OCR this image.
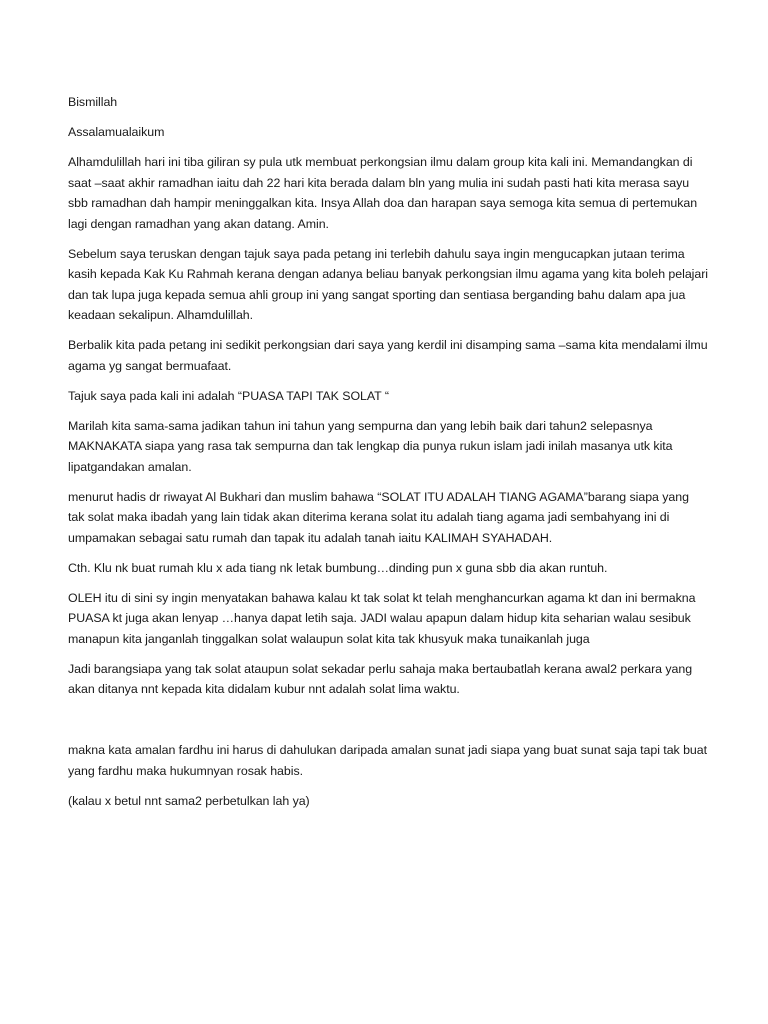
Bismillah

Assalamualaikum

Alhamdulillah hari ini tiba giliran sy pula utk membuat perkongsian ilmu dalam group kita kali ini. Memandangkan di saat –saat akhir ramadhan iaitu dah 22 hari kita berada dalam bln yang mulia ini sudah pasti hati kita merasa sayu sbb ramadhan dah hampir meninggalkan kita. Insya Allah doa dan harapan saya semoga kita semua di pertemukan lagi dengan ramadhan yang akan datang. Amin.

Sebelum saya teruskan dengan tajuk saya pada petang ini terlebih dahulu saya ingin mengucapkan jutaan terima kasih kepada Kak Ku Rahmah kerana dengan adanya beliau banyak perkongsian ilmu agama yang kita boleh pelajari dan tak lupa juga kepada semua ahli group ini yang sangat sporting dan sentiasa berganding bahu dalam apa jua keadaan sekalipun. Alhamdulillah.

Berbalik kita pada petang ini sedikit perkongsian dari saya yang kerdil ini disamping sama –sama kita mendalami ilmu agama yg sangat bermuafaat.

Tajuk saya pada kali ini adalah “PUASA TAPI TAK SOLAT “

Marilah kita sama-sama jadikan tahun ini tahun yang sempurna dan yang lebih baik dari tahun2 selepasnya MAKNAKATA siapa yang rasa tak sempurna dan tak lengkap dia punya rukun islam jadi inilah masanya utk kita lipatgandakan amalan.

menurut hadis dr riwayat Al Bukhari dan muslim bahawa “SOLAT ITU ADALAH TIANG AGAMA”barang siapa yang tak solat maka ibadah yang lain tidak akan diterima kerana solat itu adalah tiang agama jadi sembahyang ini di umpamakan sebagai satu rumah dan tapak itu adalah tanah iaitu KALIMAH SYAHADAH.

Cth. Klu nk buat rumah klu x ada tiang nk letak bumbung…dinding pun x guna sbb dia akan runtuh.

OLEH itu di sini sy ingin menyatakan bahawa kalau kt tak solat kt telah menghancurkan agama kt dan ini bermakna PUASA kt juga akan lenyap …hanya dapat letih saja. JADI walau apapun dalam hidup kita seharian walau sesibuk manapun kita janganlah tinggalkan solat walaupun solat kita tak khusyuk maka tunaikanlah juga

Jadi barangsiapa yang tak solat ataupun solat sekadar perlu sahaja maka bertaubatlah kerana awal2 perkara yang akan ditanya nnt kepada kita didalam kubur nnt adalah solat lima waktu.

makna kata amalan fardhu ini harus di dahulukan daripada amalan sunat jadi siapa yang buat sunat saja tapi tak buat yang fardhu maka hukumnyan rosak habis.

(kalau x betul nnt sama2 perbetulkan lah ya)
